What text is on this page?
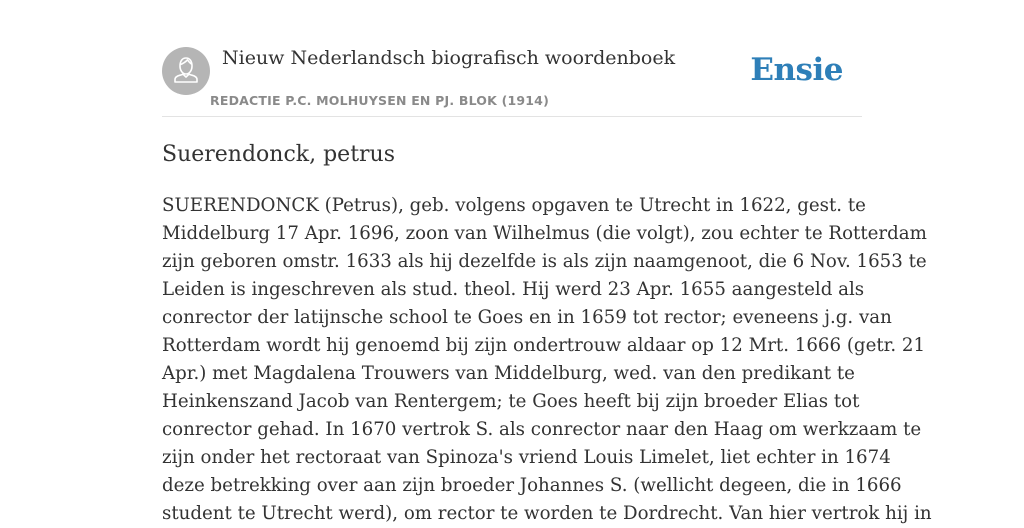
Nieuw Nederlandsch biografisch woordenboek
REDACTIE P.C. MOLHUYSEN EN PJ. BLOK (1914)
Ensie
Suerendonck, petrus
SUERENDONCK (Petrus), geb. volgens opgaven te Utrecht in 1622, gest. te
Middelburg 17 Apr. 1696, zoon van Wilhelmus (die volgt), zou echter te Rotterdam
zijn geboren omstr. 1633 als hij dezelfde is als zijn naamgenoot, die 6 Nov. 1653 te
Leiden is ingeschreven als stud. theol. Hij werd 23 Apr. 1655 aangesteld als
conrector der latijnsche school te Goes en in 1659 tot rector; eveneens j.g. van
Rotterdam wordt hij genoemd bij zijn ondertrouw aldaar op 12 Mrt. 1666 (getr. 21
Apr.) met Magdalena Trouwers van Middelburg, wed. van den predikant te
Heinkenszand Jacob van Rentergem; te Goes heeft bij zijn broeder Elias tot
conrector gehad. In 1670 vertrok S. als conrector naar den Haag om werkzaam te
zijn onder het rectoraat van Spinoza's vriend Louis Limelet, liet echter in 1674
deze betrekking over aan zijn broeder Johannes S. (wellicht degeen, die in 1666
student te Utrecht werd), om rector te worden te Dordrecht. Van hier vertrok hij in
